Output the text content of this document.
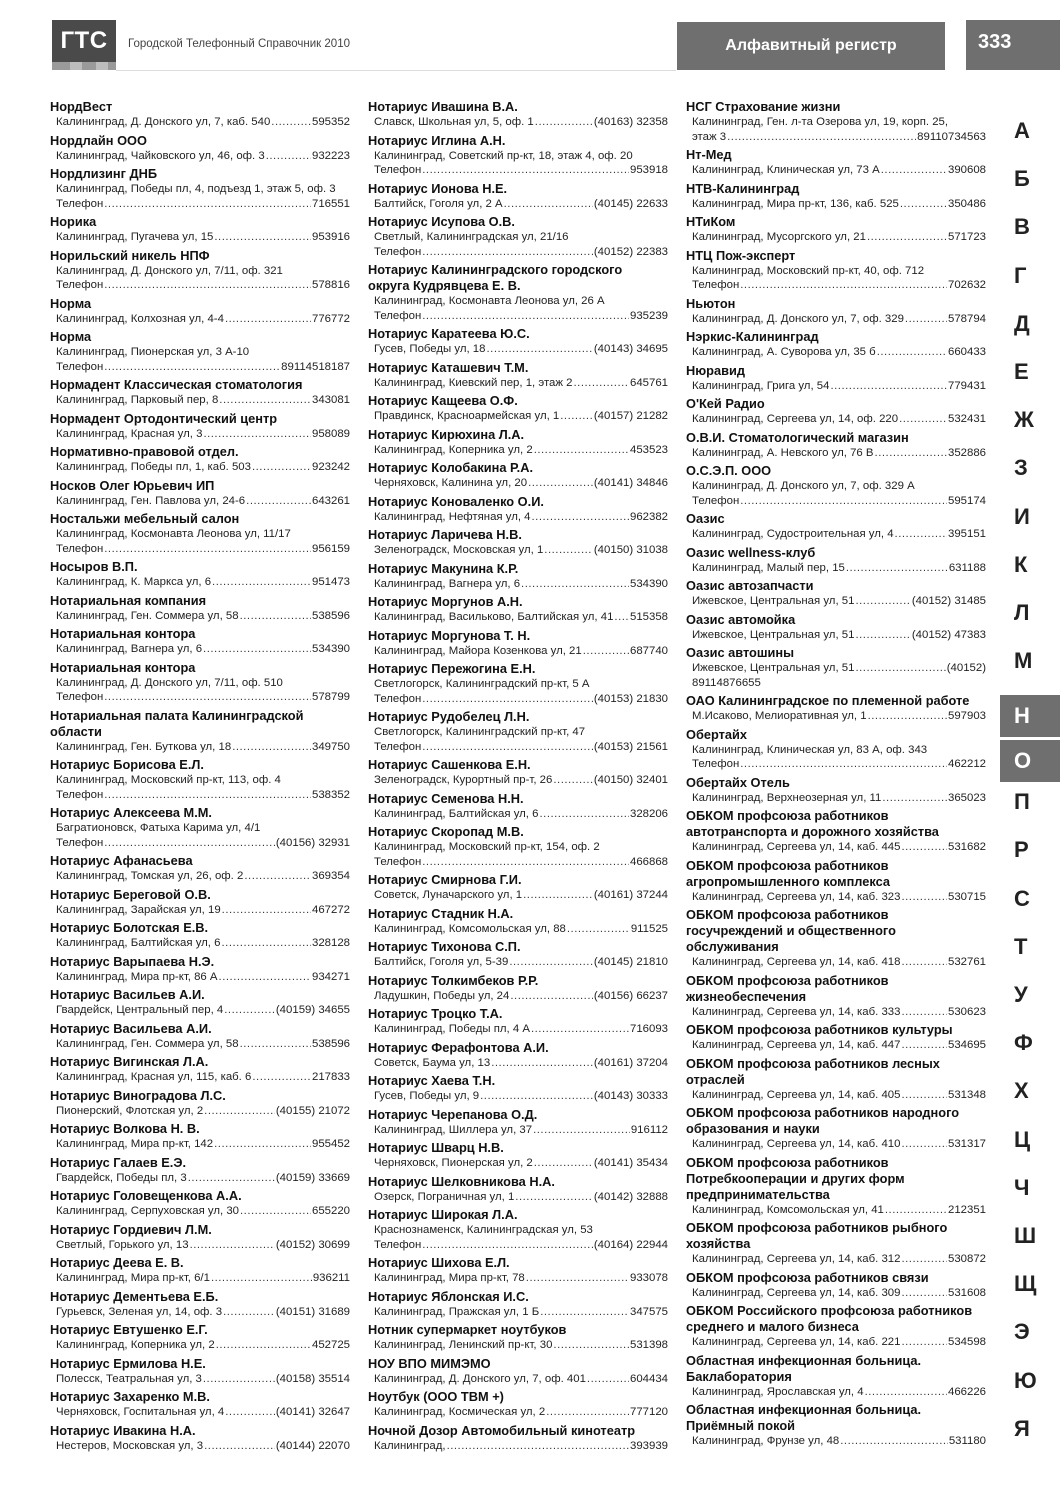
ГТС	Городской Телефонный Справочник 2010	Алфавитный регистр	333
НордВест
Калининград, Д. Донского ул, 7, каб. 540 .....	595352
Нордлайн ООО
Калининград, Чайковского ул, 46, оф. 3 .....	932223
Нордлизинг ДНБ
Калининград, Победы пл, 4, подъезд 1, этаж 5, оф. 3
Телефон .....	716551
Норика
Калининград, Пугачева ул, 15 .....	953916
Норильский никель НПФ
Калининград, Д. Донского ул, 7/11, оф. 321
Телефон .....	578816
Норма
Калининград, Колхозная ул, 4-4 .....	776772
Норма
Калининград, Пионерская ул, 3 А-10
Телефон .....	89114518187
Нормадент Классическая стоматология
Калининград, Парковый пер, 8 .....	343081
Нормадент Ортодонтический центр
Калининград, Красная ул, 3 .....	958089
Нормативно-правовой отдел.
Калининград, Победы пл, 1, каб. 503 .....	923242
Носков Олег Юрьевич ИП
Калининград, Ген. Павлова ул, 24-6 .....	643261
Ностальжи мебельный салон
Калининград, Космонавта Леонова ул, 11/17
Телефон .....	956159
Носыров В.П.
Калининград, К. Маркса ул, 6 .....	951473
Нотариальная компания
Калининград, Ген. Соммера ул, 58 .....	538596
Нотариальная контора
Калининград, Вагнера ул, 6 .....	534390
Нотариальная контора
Калининград, Д. Донского ул, 7/11, оф. 510
Телефон .....	578799
Нотариальная палата Калининградской
области
Калининград, Ген. Буткова ул, 18 .....	349750
Нотариус Борисова Е.Л.
Калининград, Московский пр-кт, 113, оф. 4
Телефон .....	538352
Нотариус Алексеева М.М.
Багратионовск, Фатыха Карима ул, 4/1
Телефон .....	(40156) 32931
Нотариус Афанасьева
Калининград, Томская ул, 26, оф. 2 .....	369354
Нотариус Береговой О.В.
Калининград, Зарайская ул, 19 .....	467272
Нотариус Болотская Е.В.
Калининград, Балтийская ул, 6 .....	328128
Нотариус Варыпаева Н.Э.
Калининград, Мира пр-кт, 86 А .....	934271
Нотариус Васильев А.И.
Гвардейск, Центральный пер, 4 .....	(40159) 34655
Нотариус Васильева А.И.
Калининград, Ген. Соммера ул, 58 .....	538596
Нотариус Вигинская Л.А.
Калининград, Красная ул, 115, каб. 6 .....	217833
Нотариус Виноградова Л.С.
Пионерский, Флотская ул, 2 .....	(40155) 21072
Нотариус Волкова Н. В.
Калининград, Мира пр-кт, 142 .....	955452
Нотариус Галаев Е.Э.
Гвардейск, Победы пл, 3 .....	(40159) 33669
Нотариус Головещенкова А.А.
Калининград, Серпуховская ул, 30 .....	655220
Нотариус Гордиевич Л.М.
Светлый, Горького ул, 13 .....	(40152) 30699
Нотариус Деева Е. В.
Калининград, Мира пр-кт, 6/1 .....	936211
Нотариус Дементьева Е.Б.
Гурьевск, Зеленая ул, 14, оф. 3 .....	(40151) 31689
Нотариус Евтушенко Е.Г.
Калининград, Коперника ул, 2 .....	452725
Нотариус Ермилова Н.Е.
Полесск, Театральная ул, 3 .....	(40158) 35514
Нотариус Захаренко М.В.
Черняховск, Госпитальная ул, 4 .....	(40141) 32647
Нотариус Ивакина Н.А.
Нестеров, Московская ул, 3 .....	(40144) 22070
Нотариус Ивашина В.А.
Славск, Школьная ул, 5, оф. 1 .....	(40163) 32358
Нотариус Иглина А.Н.
Калининград, Советский пр-кт, 18, этаж 4, оф. 20
Телефон .....	953918
Нотариус Ионова Н.Е.
Балтийск, Гоголя ул, 2 А .....	(40145) 22633
Нотариус Исупова О.В.
Светлый, Калининградская ул, 21/16
Телефон .....	(40152) 22383
Нотариус Калининградского городского
округа Кудрявцева Е. В.
Калининград, Космонавта Леонова ул, 26 А
Телефон .....	935239
Нотариус Каратеева Ю.С.
Гусев, Победы ул, 18 .....	(40143) 34695
Нотариус Каташевич Т.М.
Калининград, Киевский пер, 1, этаж 2 .....	645761
Нотариус Кащеева О.Ф.
Правдинск, Красноармейская ул, 1 .....	(40157) 21282
Нотариус Кирюхина Л.А.
Калининград, Коперника ул, 2 .....	453523
Нотариус Колобакина Р.А.
Черняховск, Калинина ул, 20 .....	(40141) 34846
Нотариус Коноваленко О.И.
Калининград, Нефтяная ул, 4 .....	962382
Нотариус Ларичева Н.В.
Зеленоградск, Московская ул, 1 .....	(40150) 31038
Нотариус Макунина К.Р.
Калининград, Вагнера ул, 6 .....	534390
Нотариус Моргунов А.Н.
Калининград, Васильково, Балтийская ул, 41 ..... 515358
Нотариус Моргунова Т. Н.
Калининград, Майора Козенкова ул, 21 .....	687740
Нотариус Пережогина Е.Н.
Светлогорск, Калининградский пр-кт, 5 А
Телефон .....	(40153) 21830
Нотариус Рудобелец Л.Н.
Светлогорск, Калининградский пр-кт, 47
Телефон .....	(40153) 21561
Нотариус Сашенкова Е.Н.
Зеленоградск, Курортный пр-т, 26 .....	(40150) 32401
Нотариус Семенова Н.Н.
Калининград, Балтийская ул, 6 .....	328206
Нотариус Скоропад М.В.
Калининград, Московский пр-кт, 154, оф. 2
Телефон .....	466868
Нотариус Смирнова Г.И.
Советск, Луначарского ул, 1 .....	(40161) 37244
Нотариус Стадник Н.А.
Калининград, Комсомольская ул, 88 .....	911525
Нотариус Тихонова С.П.
Балтийск, Гоголя ул, 5-39 .....	(40145) 21810
Нотариус Толкимбеков Р.Р.
Ладушкин, Победы ул, 24 .....	(40156) 66237
Нотариус Троцко Т.А.
Калининград, Победы пл, 4 А .....	716093
Нотариус Ферафонтова А.И.
Советск, Баума ул, 13 .....	(40161) 37204
Нотариус Хаева Т.Н.
Гусев, Победы ул, 9 .....	(40143) 30333
Нотариус Черепанова О.Д.
Калининград, Шиллера ул, 37 .....	916112
Нотариус Шварц Н.В.
Черняховск, Пионерская ул, 2 .....	(40141) 35434
Нотариус Шелковникова Н.А.
Озерск, Пограничная ул, 1 .....	(40142) 32888
Нотариус Широкая Л.А.
Краснознаменск, Калининградская ул, 53
Телефон .....	(40164) 22944
Нотариус Шихова Е.Л.
Калининград, Мира пр-кт, 78 .....	933078
Нотариус Яблонская И.С.
Калининград, Пражская ул, 1 Б .....	347575
Нотник супермаркет ноутбуков
Калининград, Ленинский пр-кт, 30 .....	531398
НОУ ВПО МИМЭМО
Калининград, Д. Донского ул, 7, оф. 401 .....	604434
Ноутбук (ООО ТВМ +)
Калининград, Космическая ул, 2 .....	777120
Ночной Дозор Автомобильный кинотеатр
Калининград, .....	393939
НСГ Страхование жизни
Калининград, Ген. л-та Озерова ул, 19, корп. 25,
этаж 3 .....	89110734563
Нт-Мед
Калининград, Клиническая ул, 73 А .....	390608
НТВ-Калининград
Калининград, Мира пр-кт, 136, каб. 525 .....	350486
НТиКом
Калининград, Мусоргского ул, 21 .....	571723
НТЦ Пож-эксперт
Калининград, Московский пр-кт, 40, оф. 712
Телефон .....	702632
Ньютон
Калининград, Д. Донского ул, 7, оф. 329 .....	578794
Нэркис-Калининград
Калининград, А. Суворова ул, 35 б .....	660433
Нюравид
Калининград, Грига ул, 54 .....	779431
О'Кей Радио
Калининград, Сергеева ул, 14, оф. 220 .....	532431
О.В.И. Стоматологический магазин
Калининград, А. Невского ул, 76 В .....	352886
О.С.Э.П. ООО
Калининград, Д. Донского ул, 7, оф. 329 А
Телефон .....	595174
Оазис
Калининград, Судостроительная ул, 4 .....	395151
Оазис wellness-клуб
Калининград, Малый пер, 15 .....	631188
Оазис автозапчасти
Ижевское, Центральная ул, 51 .....	(40152) 31485
Оазис автомойка
Ижевское, Центральная ул, 51 .....	(40152) 47383
Оазис автошины
Ижевское, Центральная ул, 51 .....	(40152)
89114876655
ОАО Калининградское по племенной работе
М.Исаково, Мелиоративная ул, 1 .....	597903
Обертайх
Калининград, Клиническая ул, 83 А, оф. 343
Телефон .....	462212
Обертайх Отель
Калининград, Верхнеозерная ул, 11 .....	365023
ОБКОМ профсоюза работников
автотранспорта и дорожного хозяйства
Калининград, Сергеева ул, 14, каб. 445 .....	531682
ОБКОМ профсоюза работников
агропромышленного комплекса
Калининград, Сергеева ул, 14, каб. 323 .....	530715
ОБКОМ профсоюза работников
госучреждений и общественного обслуживания
Калининград, Сергеева ул, 14, каб. 418 .....	532761
ОБКОМ профсоюза работников
жизнеобеспечения
Калининград, Сергеева ул, 14, каб. 333 .....	530623
ОБКОМ профсоюза работников культуры
Калининград, Сергеева ул, 14, каб. 447 .....	534695
ОБКОМ профсоюза работников лесных
отраслей
Калининград, Сергеева ул, 14, каб. 405 .....	531348
ОБКОМ профсоюза работников народного
образования и науки
Калининград, Сергеева ул, 14, каб. 410 .....	531317
ОБКОМ профсоюза работников
Потребкооперации и других форм
предпринимательства
Калининград, Комсомольская ул, 41 .....	212351
ОБКОМ профсоюза работников рыбного
хозяйства
Калининград, Сергеева ул, 14, каб. 312 .....	530872
ОБКОМ профсоюза работников связи
Калининград, Сергеева ул, 14, каб. 309 .....	531608
ОБКОМ Российского профсоюза работников
среднего и малого бизнеса
Калининград, Сергеева ул, 14, каб. 221 .....	534598
Областная инфекционная больница.
Баклаборатория
Калининград, Ярославская ул, 4 .....	466226
Областная инфекционная больница.
Приёмный покой
Калининград, Фрунзе ул, 48 .....	531180
А
Б
В
Г
Д
Е
Ж
З
И
К
Л
М
Н
О
П
Р
С
Т
У
Ф
Х
Ц
Ч
Ш
Щ
Э
Ю
Я
